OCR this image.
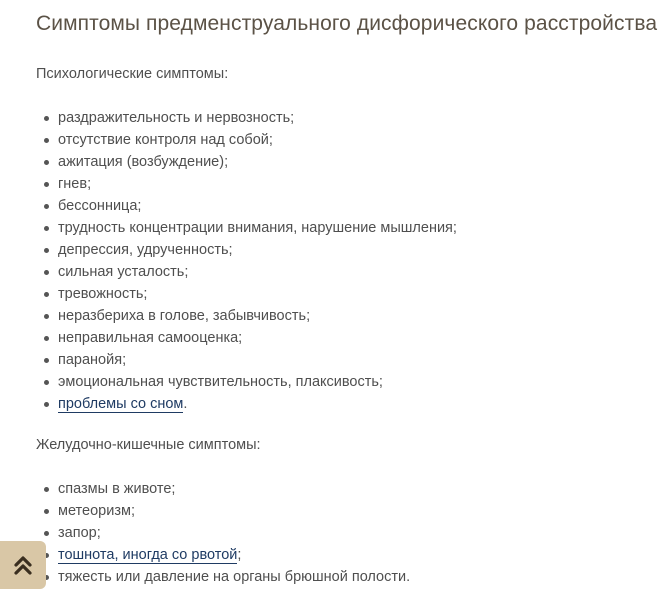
Симптомы предменструального дисфорического расстройства

Психологические симптомы:

раздражительность и нервозность;
отсутствие контроля над собой;
ажитация (возбуждение);
гнев;
бессонница;
трудность концентрации внимания, нарушение мышления;
депрессия, удрученность;
сильная усталость;
тревожность;
неразбериха в голове, забывчивость;
неправильная самооценка;
паранойя;
эмоциональная чувствительность, плаксивость;
проблемы со сном.

Желудочно-кишечные симптомы:

спазмы в животе;
метеоризм;
запор;
тошнота, иногда со рвотой;
тяжесть или давление на органы брюшной полости.
